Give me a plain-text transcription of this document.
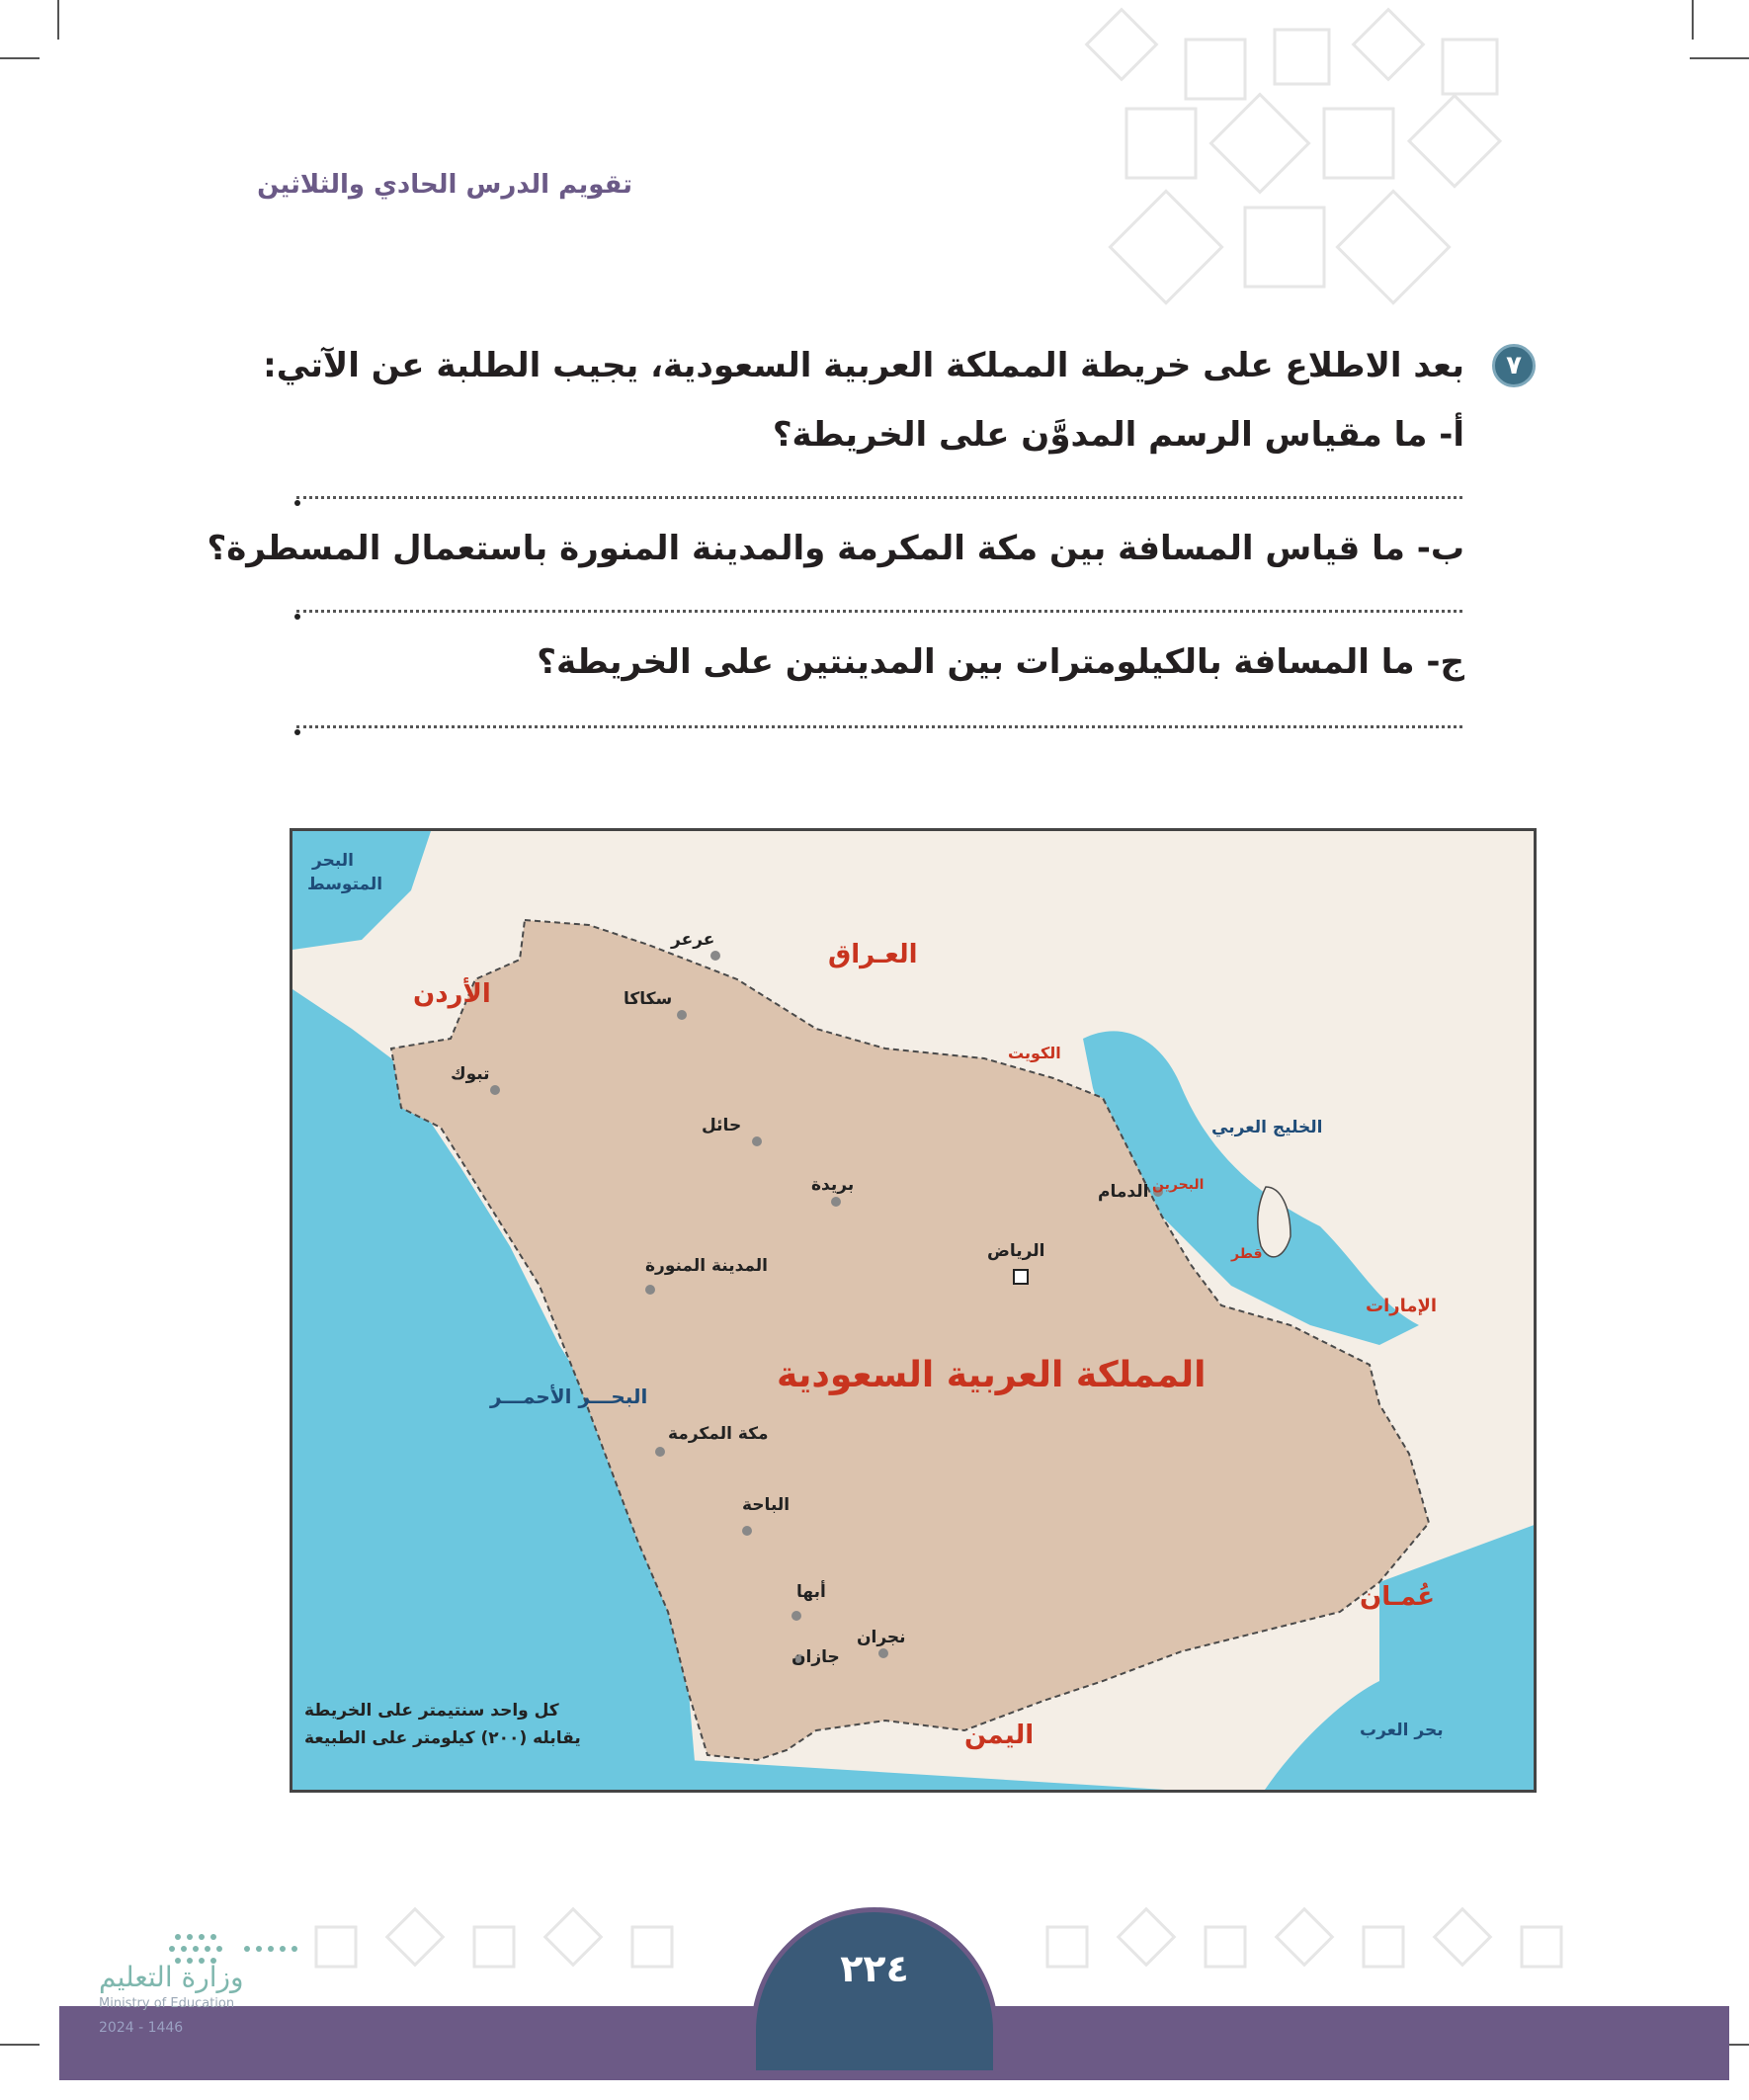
تقويم الدرس الحادي والثلاثين
٧
بعد الاطلاع على خريطة المملكة العربية السعودية، يجيب الطلبة عن الآتي:
أ- ما مقياس الرسم المدوَّن على الخريطة؟
ب- ما قياس المسافة بين مكة المكرمة والمدينة المنورة باستعمال المسطرة؟
ج- ما المسافة بالكيلومترات بين المدينتين على الخريطة؟
البحر
المتوسط
العـراق
الأردن
الكويت
البحرين
قطر
الإمارات
عُمـان
اليمن
الخليج العربي
البحـــر الأحمـــر
بحر العرب
عرعر
سكاكا
تبوك
حائل
بريدة	الدمام
الرياض
المدينة المنورة
المملكة العربية السعودية
مكة المكرمة
الباحة
أبها
نجران
جازان
كل واحد سنتيمتر على الخريطة
يقابله (٢٠٠) كيلومتر على الطبيعة
٢٢٤
وزارة التعليم
Ministry of Education
2024 - 1446
